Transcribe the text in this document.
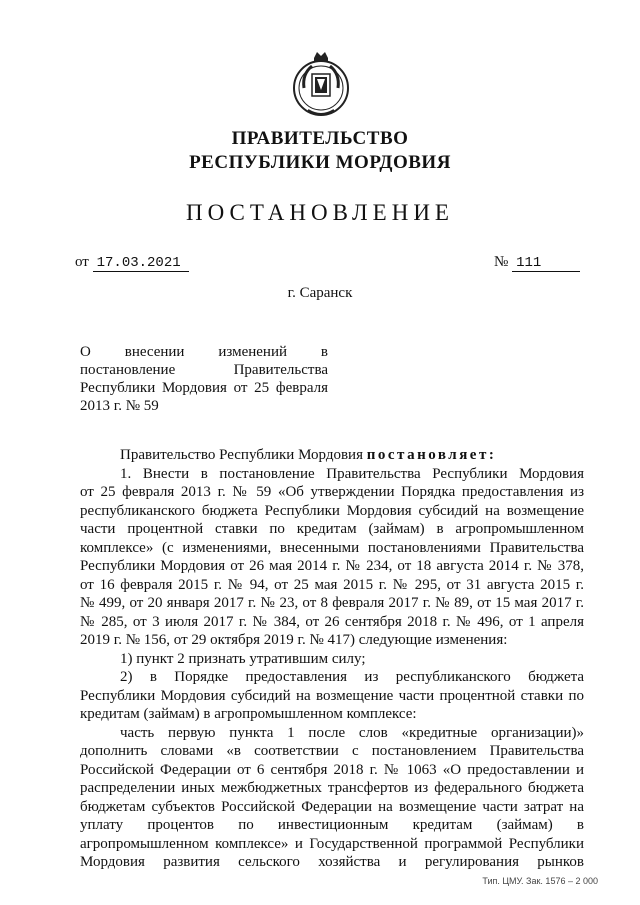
ПРАВИТЕЛЬСТВО
РЕСПУБЛИКИ МОРДОВИЯ
ПОСТАНОВЛЕНИЕ
от 17.03.2021	№ 111
г. Саранск
О внесении изменений в
постановление Правительства
Республики Мордовия от 25 февраля
2013 г. № 59
Правительство Республики Мордовия постановляет:
1. Внести в постановление Правительства Республики Мордовия
от 25 февраля 2013 г. № 59 «Об утверждении Порядка предоставления из
республиканского бюджета Республики Мордовия субсидий на возмещение
части процентной ставки по кредитам (займам) в агропромышленном
комплексе» (с изменениями, внесенными постановлениями Правительства
Республики Мордовия от 26 мая 2014 г. № 234, от 18 августа 2014 г. № 378,
от 16 февраля 2015 г. № 94, от 25 мая 2015 г. № 295, от 31 августа 2015 г.
№ 499, от 20 января 2017 г. № 23, от 8 февраля 2017 г. № 89, от 15 мая 2017 г.
№ 285, от 3 июля 2017 г. № 384, от 26 сентября 2018 г. № 496, от 1 апреля
2019 г. № 156, от 29 октября 2019 г. № 417) следующие изменения:
1) пункт 2 признать утратившим силу;
2) в Порядке предоставления из республиканского бюджета
Республики Мордовия субсидий на возмещение части процентной ставки по
кредитам (займам) в агропромышленном комплексе:
часть первую пункта 1 после слов «кредитные организации)»
дополнить словами «в соответствии с постановлением Правительства
Российской Федерации от 6 сентября 2018 г. № 1063 «О предоставлении и
распределении иных межбюджетных трансфертов из федерального бюджета
бюджетам субъектов Российской Федерации на возмещение части затрат на
уплату процентов по инвестиционным кредитам (займам) в
агропромышленном комплексе» и Государственной программой Республики
Мордовия развития сельского хозяйства и регулирования рынков
Тип. ЦМУ. Зак. 1576 – 2 000
